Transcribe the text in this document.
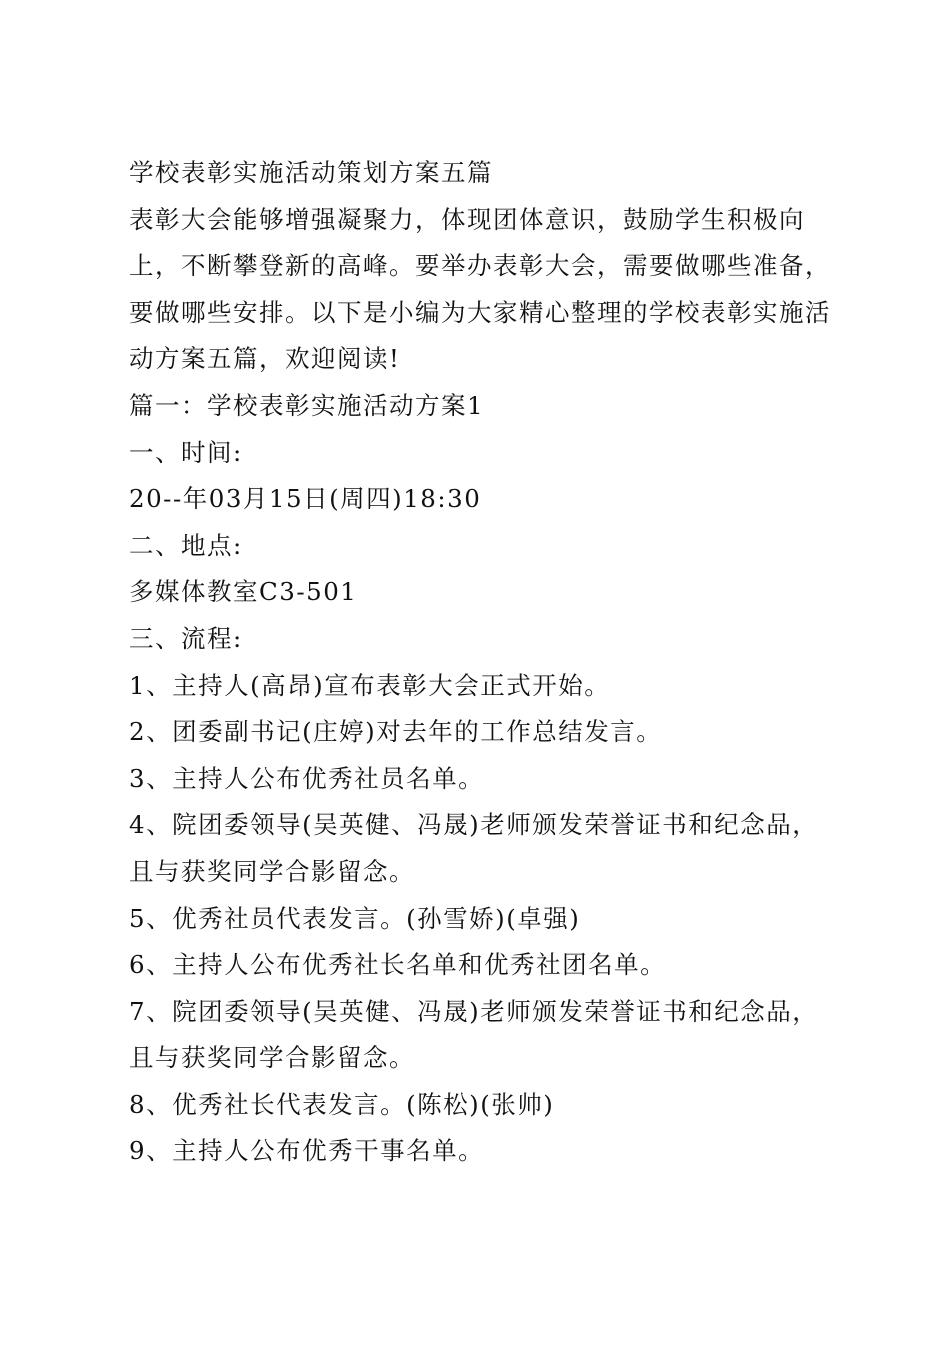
学校表彰实施活动策划方案五篇
表彰大会能够增强凝聚力，体现团体意识，鼓励学生积极向
上，不断攀登新的高峰。要举办表彰大会，需要做哪些准备，
要做哪些安排。以下是小编为大家精心整理的学校表彰实施活
动方案五篇，欢迎阅读!
篇一：学校表彰实施活动方案1
一、时间:
20--年03月15日(周四)18:30
二、地点:
多媒体教室C3-501
三、流程:
1、主持人(高昂)宣布表彰大会正式开始。
2、团委副书记(庄婷)对去年的工作总结发言。
3、主持人公布优秀社员名单。
4、院团委领导(吴英健、冯晟)老师颁发荣誉证书和纪念品，
且与获奖同学合影留念。
5、优秀社员代表发言。(孙雪娇)(卓强)
6、主持人公布优秀社长名单和优秀社团名单。
7、院团委领导(吴英健、冯晟)老师颁发荣誉证书和纪念品，
且与获奖同学合影留念。
8、优秀社长代表发言。(陈松)(张帅)
9、主持人公布优秀干事名单。
